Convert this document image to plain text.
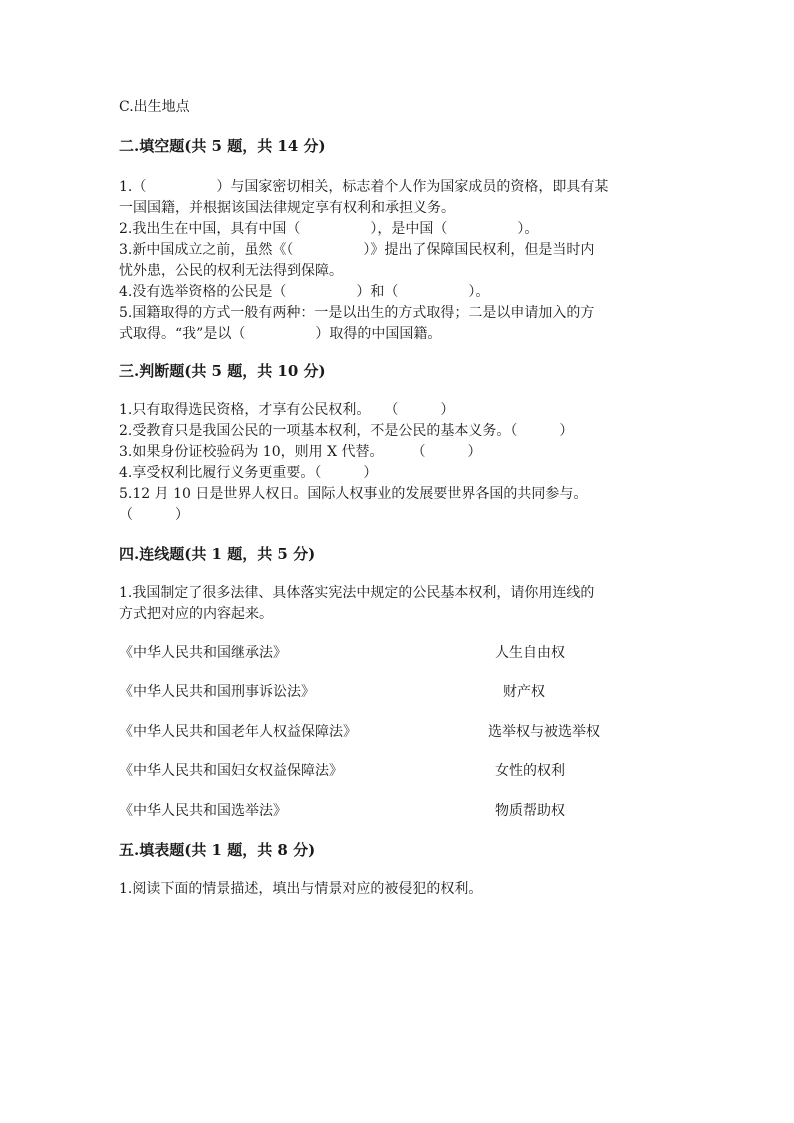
C.出生地点

二.填空题(共 5 题，共 14 分)

1.（　　　　　）与国家密切相关，标志着个人作为国家成员的资格，即具有某

一国国籍，并根据该国法律规定享有权利和承担义务。

2.我出生在中国，具有中国（　　　　　），是中国（　　　　　）。

3.新中国成立之前，虽然《（　　　　　）》提出了保障国民权利，但是当时内

忧外患，公民的权利无法得到保障。

4.没有选举资格的公民是（　　　　　）和（　　　　　）。

5.国籍取得的方式一般有两种：一是以出生的方式取得；二是以申请加入的方

式取得。“我”是以（　　　　　）取得的中国国籍。

三.判断题(共 5 题，共 10 分)

1.只有取得选民资格，才享有公民权利。　　（　　　）

2.受教育只是我国公民的一项基本权利，不是公民的基本义务。（　　　）

3.如果身份证校验码为 10，则用 X 代替。　　　（　　　）

4.享受权利比履行义务更重要。（　　　）

5.12 月 10 日是世界人权日。国际人权事业的发展要世界各国的共同参与。

（　　　）

四.连线题(共 1 题，共 5 分)

1.我国制定了很多法律、具体落实宪法中规定的公民基本权利，请你用连线的

方式把对应的内容起来。

《中华人民共和国继承法》	人生自由权
《中华人民共和国刑事诉讼法》	财产权
《中华人民共和国老年人权益保障法》	选举权与被选举权
《中华人民共和国妇女权益保障法》	女性的权利
《中华人民共和国选举法》	物质帮助权

五.填表题(共 1 题，共 8 分)

1.阅读下面的情景描述，填出与情景对应的被侵犯的权利。
